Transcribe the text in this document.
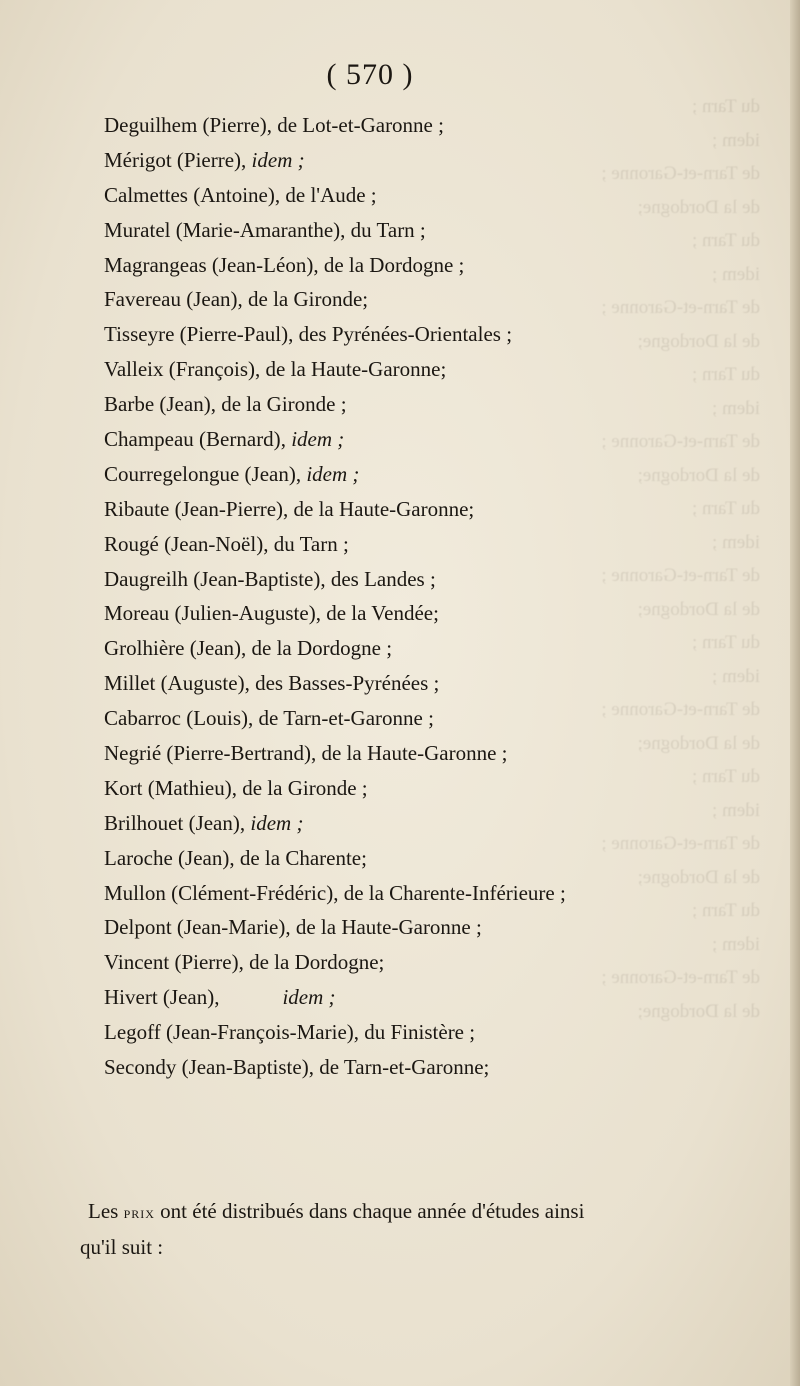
du Tarn ;
idem ;
de Tarn-et-Garonne ;
de la Dordogne;
du Tarn ;
idem ;
de Tarn-et-Garonne ;
de la Dordogne;
du Tarn ;
idem ;
de Tarn-et-Garonne ;
de la Dordogne;
du Tarn ;
idem ;
de Tarn-et-Garonne ;
de la Dordogne;
du Tarn ;
idem ;
de Tarn-et-Garonne ;
de la Dordogne;
du Tarn ;
idem ;
de Tarn-et-Garonne ;
de la Dordogne;
du Tarn ;
idem ;
de Tarn-et-Garonne ;
de la Dordogne;
( 570 )
Deguilhem (Pierre), de Lot-et-Garonne ;
Mérigot (Pierre), idem ;
Calmettes (Antoine), de l'Aude ;
Muratel (Marie-Amaranthe), du Tarn ;
Magrangeas (Jean-Léon), de la Dordogne ;
Favereau (Jean), de la Gironde;
Tisseyre (Pierre-Paul), des Pyrénées-Orientales ;
Valleix (François), de la Haute-Garonne;
Barbe (Jean), de la Gironde ;
Champeau (Bernard), idem ;
Courregelongue (Jean), idem ;
Ribaute (Jean-Pierre), de la Haute-Garonne;
Rougé (Jean-Noël), du Tarn ;
Daugreilh (Jean-Baptiste), des Landes ;
Moreau (Julien-Auguste), de la Vendée;
Grolhière (Jean), de la Dordogne ;
Millet (Auguste), des Basses-Pyrénées ;
Cabarroc (Louis), de Tarn-et-Garonne ;
Negrié (Pierre-Bertrand), de la Haute-Garonne ;
Kort (Mathieu), de la Gironde ;
Brilhouet (Jean), idem ;
Laroche (Jean), de la Charente;
Mullon (Clément-Frédéric), de la Charente-Inférieure ;
Delpont (Jean-Marie), de la Haute-Garonne ;
Vincent (Pierre), de la Dordogne;
Hivert (Jean),            idem ;
Legoff (Jean-François-Marie), du Finistère ;
Secondy (Jean-Baptiste), de Tarn-et-Garonne;
Les prix ont été distribués dans chaque année d'études ainsi
qu'il suit :
